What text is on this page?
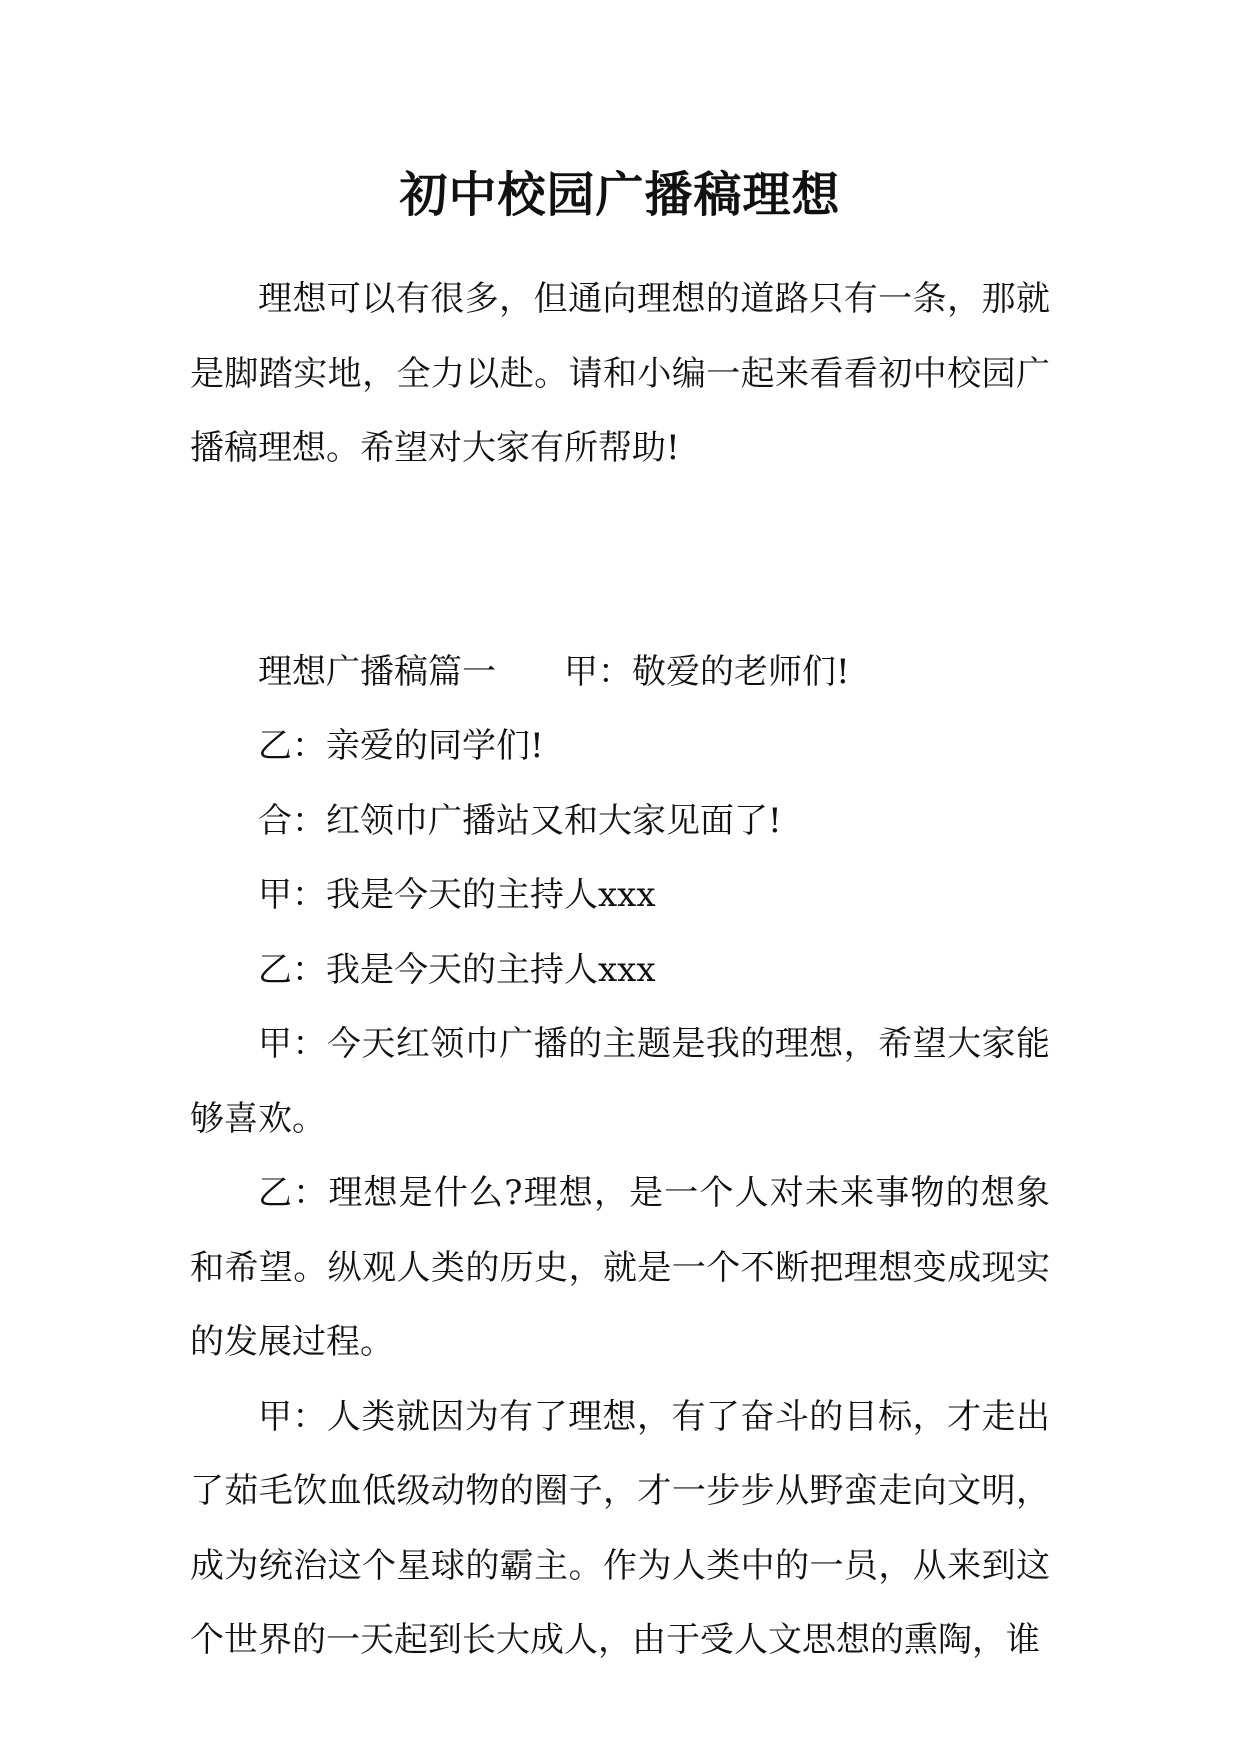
初中校园广播稿理想

理想可以有很多，但通向理想的道路只有一条，那就是脚踏实地，全力以赴。请和小编一起来看看初中校园广播稿理想。希望对大家有所帮助!

理想广播稿篇一 甲：敬爱的老师们!

乙：亲爱的同学们!

合：红领巾广播站又和大家见面了!

甲：我是今天的主持人xxx

乙：我是今天的主持人xxx

甲：今天红领巾广播的主题是我的理想，希望大家能够喜欢。

乙：理想是什么?理想，是一个人对未来事物的想象和希望。纵观人类的历史，就是一个不断把理想变成现实的发展过程。

甲：人类就因为有了理想，有了奋斗的目标，才走出了茹毛饮血低级动物的圈子，才一步步从野蛮走向文明，成为统治这个星球的霸主。作为人类中的一员，从来到这个世界的一天起到长大成人，由于受人文思想的熏陶，谁
